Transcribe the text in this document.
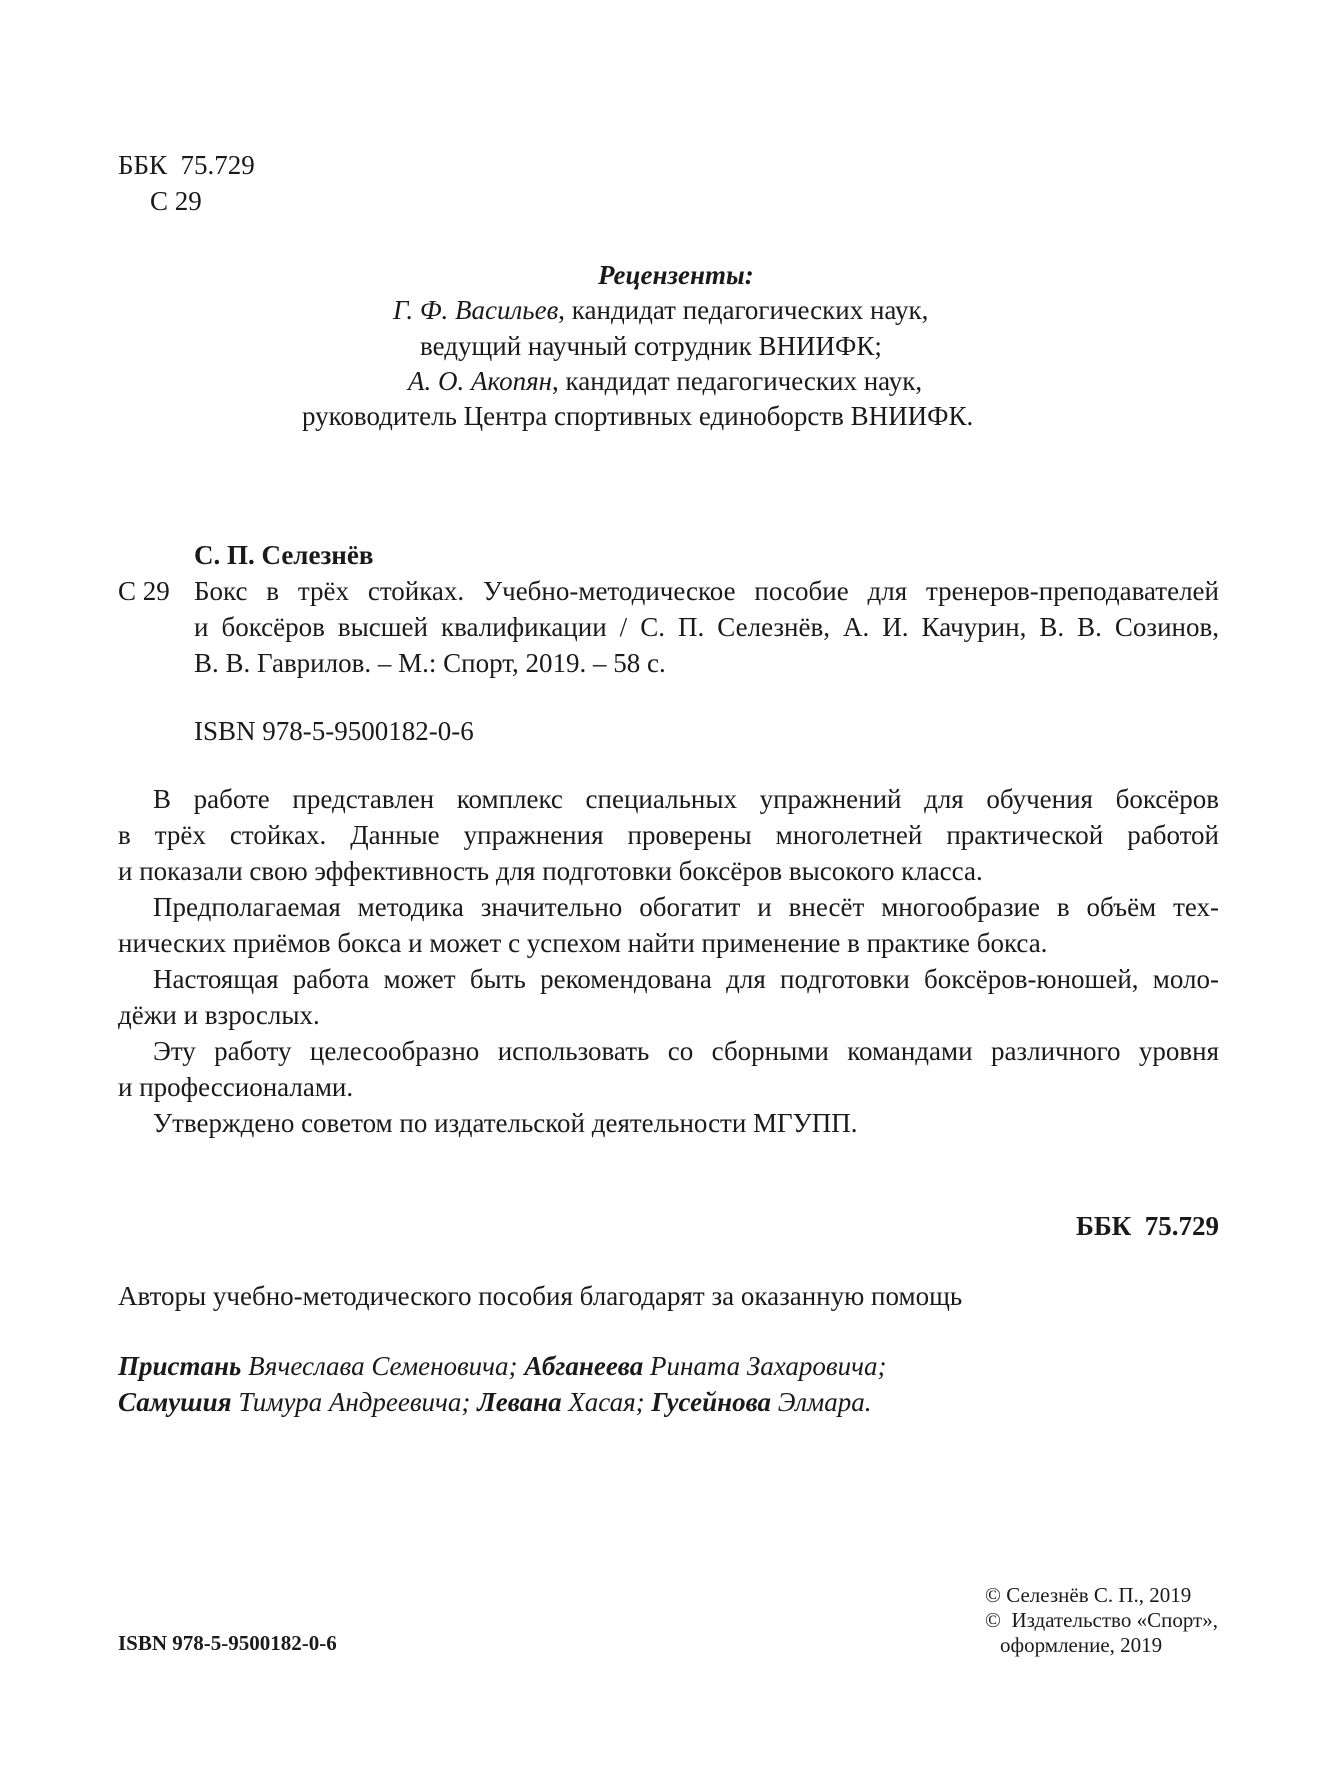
ББК 75.729

С 29

Рецензенты:

Г. Ф. Васильев, кандидат педагогических наук,

ведущий научный сотрудник ВНИИФК;

А. О. Акопян, кандидат педагогических наук,

руководитель Центра спортивных единоборств ВНИИФК.

С. П. Селезнёв

С 29 Бокс в трёх стойках. Учебно-методическое пособие для тренеров-преподавателей

и боксёров высшей квалификации / С. П. Селезнёв, А. И. Качурин, В. В. Созинов,

В. В. Гаврилов. – М.: Спорт, 2019. – 58 с.

ISBN 978-5-9500182-0-6

В работе представлен комплекс специальных упражнений для обучения боксёров

в трёх стойках. Данные упражнения проверены многолетней практической работой

и показали свою эффективность для подготовки боксёров высокого класса.

Предполагаемая методика значительно обогатит и внесёт многообразие в объём тех-

нических приёмов бокса и может с успехом найти применение в практике бокса.

Настоящая работа может быть рекомендована для подготовки боксёров-юношей, моло-

дёжи и взрослых.

Эту работу целесообразно использовать со сборными командами различного уровня

и профессионалами.

Утверждено советом по издательской деятельности МГУПП.

ББК  75.729

Авторы учебно-методического пособия благодарят за оказанную помощь

Пристань Вячеслава Семеновича; Абганеева Рината Захаровича;

Самушия Тимура Андреевича; Левана Хасая; Гусейнова Элмара.

ISBN 978-5-9500182-0-6

© Селезнёв С. П., 2019

©  Издательство «Спорт»,

оформление, 2019
